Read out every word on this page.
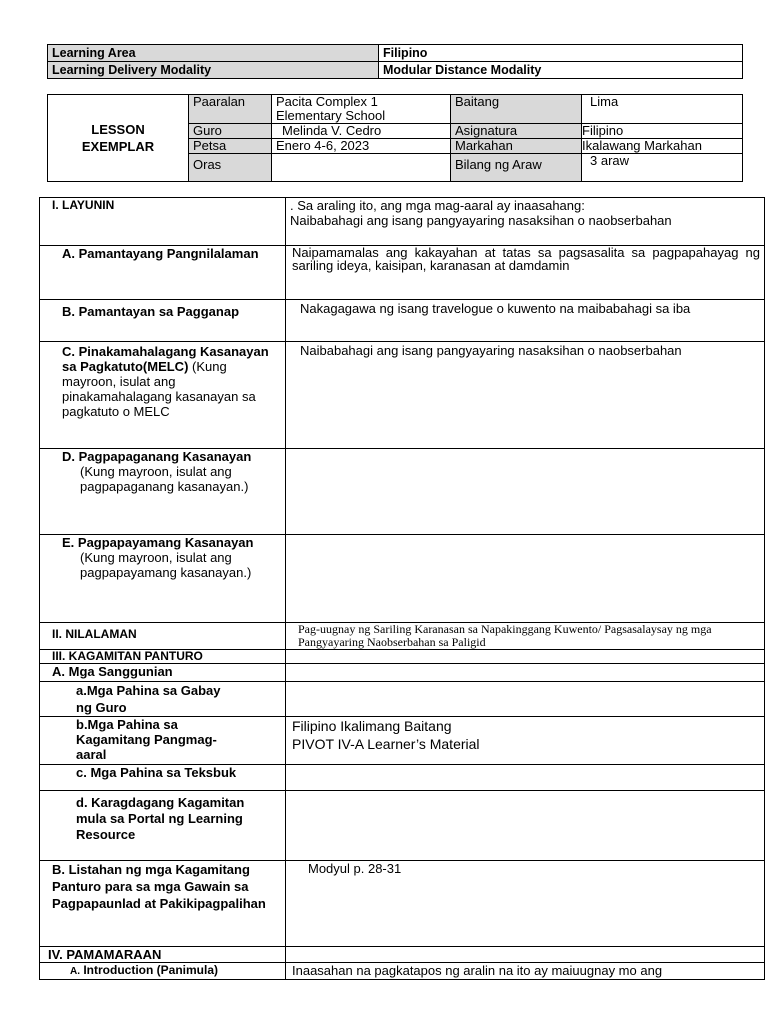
Learning Area	Filipino
Learning Delivery Modality	Modular Distance Modality
LESSON
EXEMPLAR	Paaralan	Pacita Complex 1 Elementary School	Baitang	Lima
	Guro	Melinda V. Cedro	Asignatura	Filipino
	Petsa	Enero 4-6, 2023	Markahan	Ikalawang Markahan
	Oras		Bilang ng Araw	3 araw
I. LAYUNIN	. Sa araling ito, ang mga mag-aaral ay inaasahang:
Naibabahagi ang isang pangyayaring nasaksihan o naobserbahan

A. Pamantayang Pangnilalaman	Naipamamalas ang kakayahan at tatas sa pagsasalita sa pagpapahayag ng sariling ideya, kaisipan, karanasan at damdamin
B. Pamantayan sa Pagganap	Nakagagawa ng isang travelogue o kuwento na maibabahagi sa iba
C. Pinakamahalagang Kasanayan sa Pagkatuto(MELC) (Kung mayroon, isulat ang pinakamahalagang kasanayan sa pagkatuto o MELC	Naibabahagi ang isang pangyayaring nasaksihan o naobserbahan

D. Pagpapaganang Kasanayan
(Kung mayroon, isulat ang pagpapaganang kasanayan.)	

E. Pagpapayamang Kasanayan
(Kung mayroon, isulat ang pagpapayamang kasanayan.)	

II. NILALAMAN	Pag-uugnay ng Sariling Karanasan sa Napakinggang Kuwento/ Pagsasalaysay ng mga Pangyayaring Naobserbahan sa Paligid
III. KAGAMITAN PANTURO	
A. Mga Sanggunian	
a.Mga Pahina sa Gabay ng Guro	
b.Mga Pahina sa Kagamitang Pangmag-aaral	Filipino Ikalimang Baitang
PIVOT IV-A Learner’s Material

c. Mga Pahina sa Teksbuk	
d. Karagdagang Kagamitan mula sa Portal ng Learning Resource	
B. Listahan ng mga Kagamitang Panturo para sa mga Gawain sa Pagpapaunlad at Pakikipagpalihan	Modyul p. 28-31
IV. PAMAMARAAN	
A. Introduction (Panimula)	Inaasahan na pagkatapos ng aralin na ito ay maiuugnay mo ang
